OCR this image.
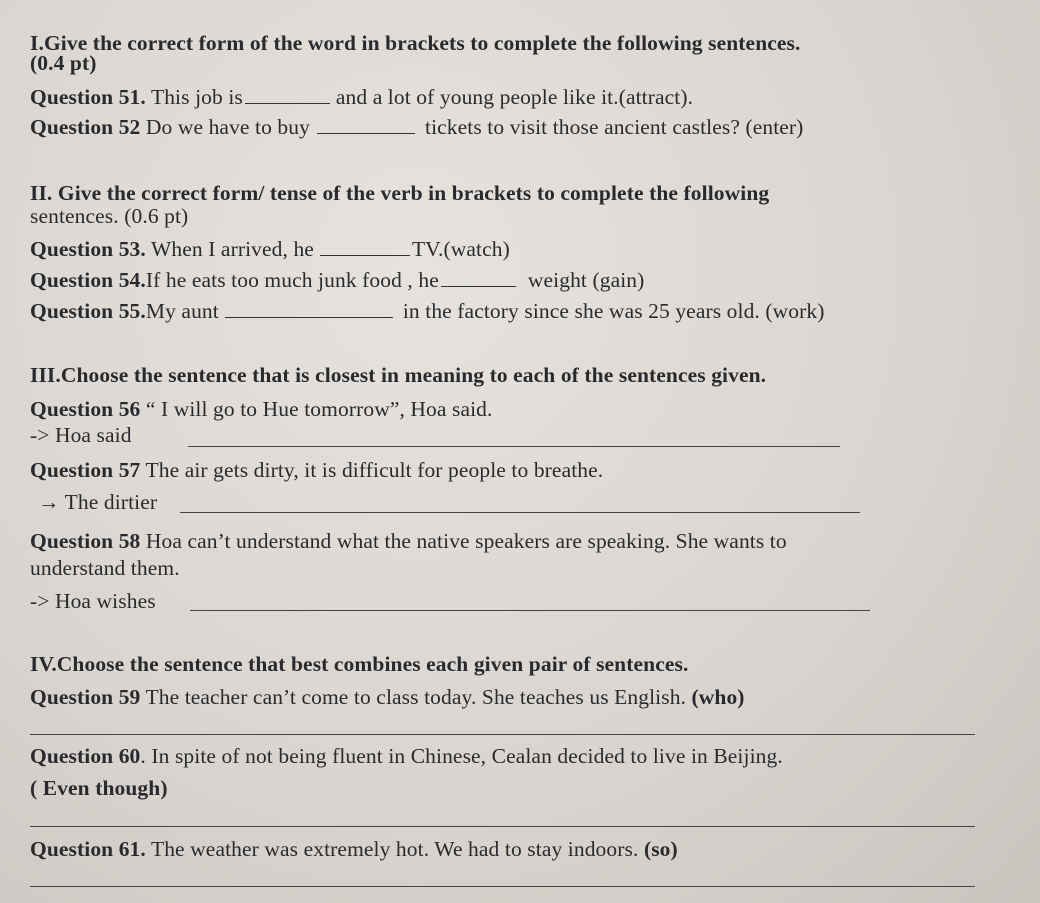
I.Give the correct form of the word in brackets to complete the following sentences.
(0.4 pt)
Question 51. This job is	and a lot of young people like it.(attract).
Question 52 Do we have to buy	tickets to visit those ancient castles? (enter)
II. Give the correct form/ tense of the verb in brackets to complete the following
sentences. (0.6 pt)
Question 53. When I arrived, he	TV.(watch)
Question 54.If he eats too much junk food , he	weight (gain)
Question 55.My aunt	in the factory since she was 25 years old. (work)
III.Choose the sentence that is closest in meaning to each of the sentences given.
Question 56 “ I will go to Hue tomorrow”, Hoa said.
-> Hoa said
Question 57 The air gets dirty, it is difficult for people to breathe.
→ The dirtier
Question 58 Hoa can’t understand what the native speakers are speaking. She wants to
understand them.
-> Hoa wishes
IV.Choose the sentence that best combines each given pair of sentences.
Question 59 The teacher can’t come to class today. She teaches us English. (who)
Question 60. In spite of not being fluent in Chinese, Cealan decided to live in Beijing.
( Even though)
Question 61. The weather was extremely hot. We had to stay indoors. (so)
